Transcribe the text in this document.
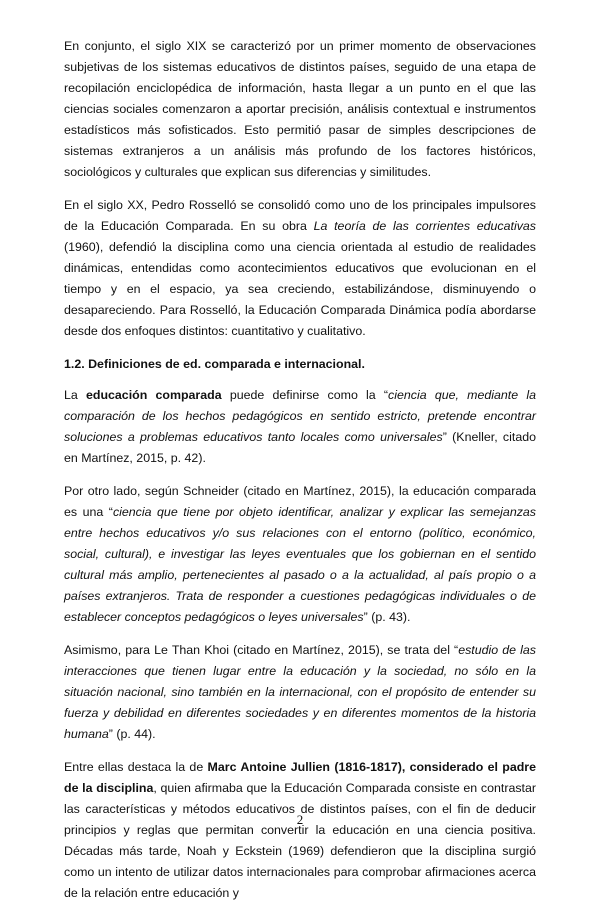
En conjunto, el siglo XIX se caracterizó por un primer momento de observaciones subjetivas de los sistemas educativos de distintos países, seguido de una etapa de recopilación enciclopédica de información, hasta llegar a un punto en el que las ciencias sociales comenzaron a aportar precisión, análisis contextual e instrumentos estadísticos más sofisticados. Esto permitió pasar de simples descripciones de sistemas extranjeros a un análisis más profundo de los factores históricos, sociológicos y culturales que explican sus diferencias y similitudes.

En el siglo XX, Pedro Rosselló se consolidó como uno de los principales impulsores de la Educación Comparada. En su obra La teoría de las corrientes educativas (1960), defendió la disciplina como una ciencia orientada al estudio de realidades dinámicas, entendidas como acontecimientos educativos que evolucionan en el tiempo y en el espacio, ya sea creciendo, estabilizándose, disminuyendo o desapareciendo. Para Rosselló, la Educación Comparada Dinámica podía abordarse desde dos enfoques distintos: cuantitativo y cualitativo.

1.2. Definiciones de ed. comparada e internacional.

La educación comparada puede definirse como la “ciencia que, mediante la comparación de los hechos pedagógicos en sentido estricto, pretende encontrar soluciones a problemas educativos tanto locales como universales” (Kneller, citado en Martínez, 2015, p. 42).

Por otro lado, según Schneider (citado en Martínez, 2015), la educación comparada es una “ciencia que tiene por objeto identificar, analizar y explicar las semejanzas entre hechos educativos y/o sus relaciones con el entorno (político, económico, social, cultural), e investigar las leyes eventuales que los gobiernan en el sentido cultural más amplio, pertenecientes al pasado o a la actualidad, al país propio o a países extranjeros. Trata de responder a cuestiones pedagógicas individuales o de establecer conceptos pedagógicos o leyes universales” (p. 43).

Asimismo, para Le Than Khoi (citado en Martínez, 2015), se trata del “estudio de las interacciones que tienen lugar entre la educación y la sociedad, no sólo en la situación nacional, sino también en la internacional, con el propósito de entender su fuerza y debilidad en diferentes sociedades y en diferentes momentos de la historia humana” (p. 44).

Entre ellas destaca la de Marc Antoine Jullien (1816-1817), considerado el padre de la disciplina, quien afirmaba que la Educación Comparada consiste en contrastar las características y métodos educativos de distintos países, con el fin de deducir principios y reglas que permitan convertir la educación en una ciencia positiva. Décadas más tarde, Noah y Eckstein (1969) defendieron que la disciplina surgió como un intento de utilizar datos internacionales para comprobar afirmaciones acerca de la relación entre educación y

2
